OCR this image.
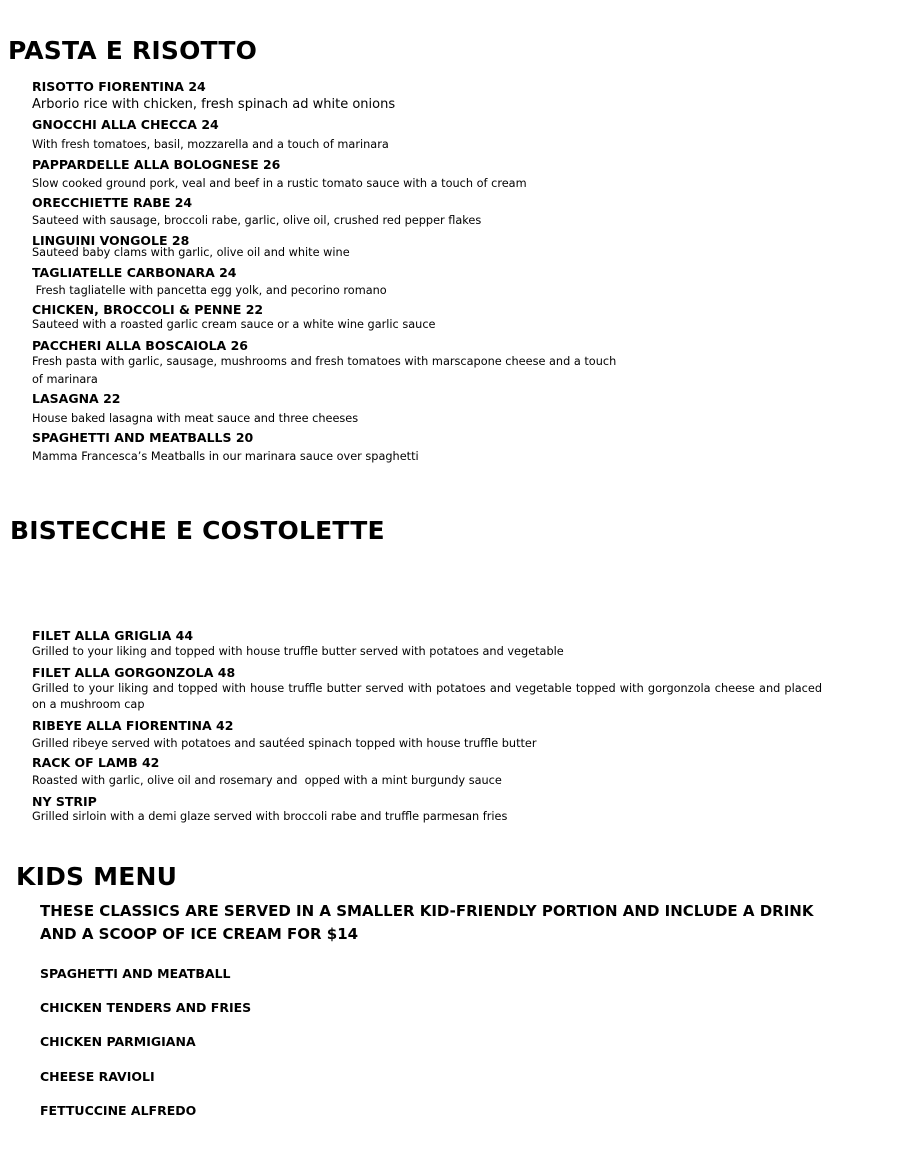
PASTA E RISOTTO

RISOTTO FIORENTINA 24

Arborio rice with chicken, fresh spinach ad white onions

GNOCCHI ALLA CHECCA 24

With fresh tomatoes, basil, mozzarella and a touch of marinara

PAPPARDELLE ALLA BOLOGNESE 26

Slow cooked ground pork, veal and beef in a rustic tomato sauce with a touch of cream

ORECCHIETTE RABE 24

Sauteed with sausage, broccoli rabe, garlic, olive oil, crushed red pepper flakes

LINGUINI VONGOLE 28

Sauteed baby clams with garlic, olive oil and white wine

TAGLIATELLE CARBONARA 24

Fresh tagliatelle with pancetta egg yolk, and pecorino romano

CHICKEN, BROCCOLI & PENNE 22

Sauteed with a roasted garlic cream sauce or a white wine garlic sauce

PACCHERI ALLA BOSCAIOLA 26

Fresh pasta with garlic, sausage, mushrooms and fresh tomatoes with marscapone cheese and a touch of marinara

LASAGNA 22

House baked lasagna with meat sauce and three cheeses

SPAGHETTI AND MEATBALLS 20

Mamma Francesca’s Meatballs in our marinara sauce over spaghetti

BISTECCHE E COSTOLETTE

FILET ALLA GRIGLIA 44

Grilled to your liking and topped with house truffle butter served with potatoes and vegetable

FILET ALLA GORGONZOLA 48

Grilled to your liking and topped with house truffle butter served with potatoes and vegetable topped with gorgonzola cheese and placed on a mushroom cap

RIBEYE ALLA FIORENTINA 42

Grilled ribeye served with potatoes and sautéed spinach topped with house truffle butter

RACK OF LAMB 42

Roasted with garlic, olive oil and rosemary and  opped with a mint burgundy sauce

NY STRIP

Grilled sirloin with a demi glaze served with broccoli rabe and truffle parmesan fries

KIDS MENU

THESE CLASSICS ARE SERVED IN A SMALLER KID-FRIENDLY PORTION AND INCLUDE A DRINK AND A SCOOP OF ICE CREAM FOR $14

SPAGHETTI AND MEATBALL

CHICKEN TENDERS AND FRIES

CHICKEN PARMIGIANA

CHEESE RAVIOLI

FETTUCCINE ALFREDO
